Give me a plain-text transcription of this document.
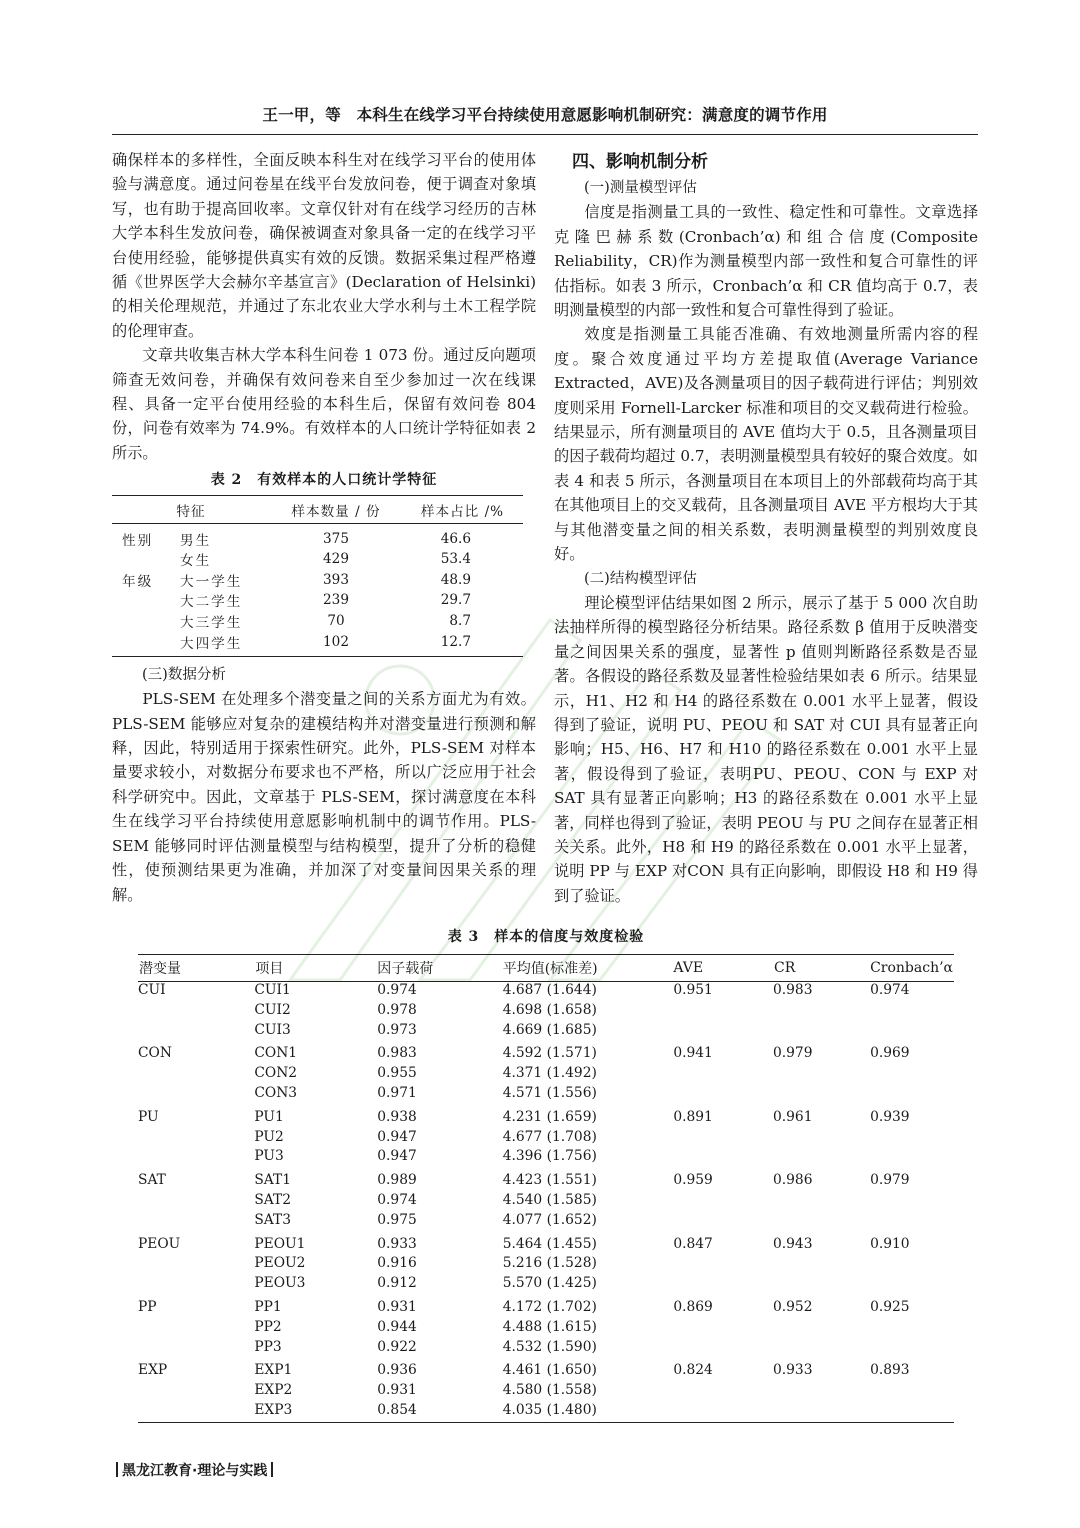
王一甲，等　本科生在线学习平台持续使用意愿影响机制研究：满意度的调节作用

确保样本的多样性，全面反映本科生对在线学习平台的使用体验与满意度。通过问卷星在线平台发放问卷，便于调查对象填写，也有助于提高回收率。文章仅针对有在线学习经历的吉林大学本科生发放问卷，确保被调查对象具备一定的在线学习平台使用经验，能够提供真实有效的反馈。数据采集过程严格遵循《世界医学大会赫尔辛基宣言》(Declaration of Helsinki)的相关伦理规范，并通过了东北农业大学水利与土木工程学院的伦理审查。

文章共收集吉林大学本科生问卷 1 073 份。通过反向题项筛查无效问卷，并确保有效问卷来自至少参加过一次在线课程、具备一定平台使用经验的本科生后，保留有效问卷 804 份，问卷有效率为 74.9%。有效样本的人口统计学特征如表 2 所示。

表 2　有效样本的人口统计学特征
特征		样本数量 / 份	样本占比 /%

性别	男生	375	46.6
	女生	429	53.4
年级	大一学生	393	48.9
	大二学生	239	29.7
	大三学生	70	8.7
	大四学生	102	12.7

(三)数据分析

PLS-SEM 在处理多个潜变量之间的关系方面尤为有效。PLS-SEM 能够应对复杂的建模结构并对潜变量进行预测和解释，因此，特别适用于探索性研究。此外，PLS-SEM 对样本量要求较小，对数据分布要求也不严格，所以广泛应用于社会科学研究中。因此，文章基于 PLS-SEM，探讨满意度在本科生在线学习平台持续使用意愿影响机制中的调节作用。PLS-SEM 能够同时评估测量模型与结构模型，提升了分析的稳健性，使预测结果更为准确，并加深了对变量间因果关系的理解。

四、影响机制分析
(一)测量模型评估

信度是指测量工具的一致性、稳定性和可靠性。文章选择克隆巴赫系数(Cronbach’α)和组合信度(Composite Reliability，CR)作为测量模型内部一致性和复合可靠性的评估指标。如表 3 所示，Cronbach’α 和 CR 值均高于 0.7，表明测量模型的内部一致性和复合可靠性得到了验证。

效度是指测量工具能否准确、有效地测量所需内容的程度。聚合效度通过平均方差提取值(Average Variance Extracted，AVE)及各测量项目的因子载荷进行评估；判别效度则采用 Fornell-Larcker 标准和项目的交叉载荷进行检验。结果显示，所有测量项目的 AVE 值均大于 0.5，且各测量项目的因子载荷均超过 0.7，表明测量模型具有较好的聚合效度。如表 4 和表 5 所示，各测量项目在本项目上的外部载荷均高于其在其他项目上的交叉载荷，且各测量项目 AVE 平方根均大于其与其他潜变量之间的相关系数，表明测量模型的判别效度良好。

(二)结构模型评估

理论模型评估结果如图 2 所示，展示了基于 5 000 次自助法抽样所得的模型路径分析结果。路径系数 β 值用于反映潜变量之间因果关系的强度，显著性 p 值则判断路径系数是否显著。各假设的路径系数及显著性检验结果如表 6 所示。结果显示，H1、H2 和 H4 的路径系数在 0.001 水平上显著，假设得到了验证，说明 PU、PEOU 和 SAT 对 CUI 具有显著正向影响；H5、H6、H7 和 H10 的路径系数在 0.001 水平上显著，假设得到了验证，表明PU、PEOU、CON 与 EXP 对 SAT 具有显著正向影响；H3 的路径系数在 0.001 水平上显著，同样也得到了验证，表明 PEOU 与 PU 之间存在显著正相关关系。此外，H8 和 H9 的路径系数在 0.001 水平上显著，说明 PP 与 EXP 对CON 具有正向影响，即假设 H8 和 H9 得到了验证。

表 3　样本的信度与效度检验
潜变量	项目	因子载荷	平均值(标准差)	AVE	CR	Cronbach’α
CUI	CUI1	0.974	4.687 (1.644)	0.951	0.983	0.974
	CUI2	0.978	4.698 (1.658)			
	CUI3	0.973	4.669 (1.685)			
CON	CON1	0.983	4.592 (1.571)	0.941	0.979	0.969
	CON2	0.955	4.371 (1.492)			
	CON3	0.971	4.571 (1.556)			
PU	PU1	0.938	4.231 (1.659)	0.891	0.961	0.939
	PU2	0.947	4.677 (1.708)			
	PU3	0.947	4.396 (1.756)			
SAT	SAT1	0.989	4.423 (1.551)	0.959	0.986	0.979
	SAT2	0.974	4.540 (1.585)			
	SAT3	0.975	4.077 (1.652)			
PEOU	PEOU1	0.933	5.464 (1.455)	0.847	0.943	0.910
	PEOU2	0.916	5.216 (1.528)			
	PEOU3	0.912	5.570 (1.425)			
PP	PP1	0.931	4.172 (1.702)	0.869	0.952	0.925
	PP2	0.944	4.488 (1.615)			
	PP3	0.922	4.532 (1.590)			
EXP	EXP1	0.936	4.461 (1.650)	0.824	0.933	0.893
	EXP2	0.931	4.580 (1.558)			
	EXP3	0.854	4.035 (1.480)			
黑龙江教育·理论与实践
